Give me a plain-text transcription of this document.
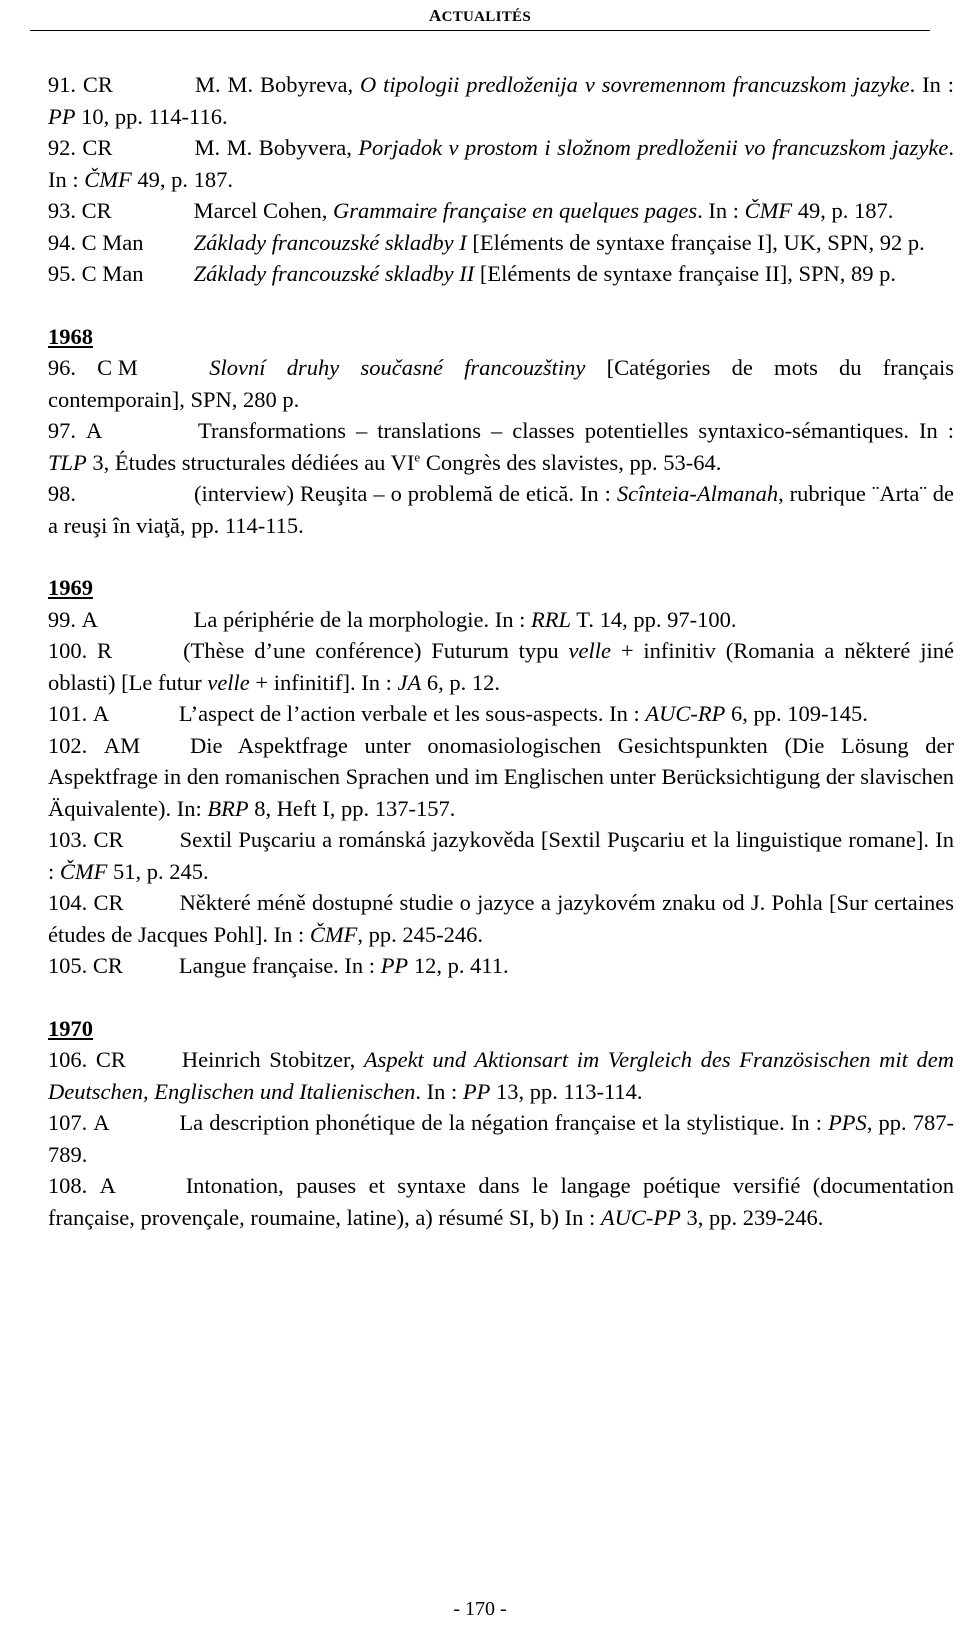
ACTUALITÉS
91. CR	M. M. Bobyreva, O tipologii predloženija v sovremennom francuzskom jazyke. In : PP 10, pp. 114-116.
92. CR	M. M. Bobyvera, Porjadok v prostom i složnom predloženii vo francuzskom jazyke. In : ČMF 49, p. 187.
93. CR	Marcel Cohen, Grammaire française en quelques pages. In : ČMF 49, p. 187.
94. C Man Základy francouzské skladby I [Eléments de syntaxe française I], UK, SPN, 92 p.
95. C Man Základy francouzské skladby II [Eléments de syntaxe française II], SPN, 89 p.
1968
96. C M	Slovní druhy současné francouzštiny [Catégories de mots du français contemporain], SPN, 280 p.
97. A	Transformations – translations – classes potentielles syntaxico-sémantiques. In : TLP 3, Études structurales dédiées au VIe Congrès des slavistes, pp. 53-64.
98.	(interview) Reuşita – o problemă de etică. In : Scînteia-Almanah, rubrique ¨Arta¨ de a reuşi în viaţă, pp. 114-115.
1969
99. A	La périphérie de la morphologie. In : RRL T. 14, pp. 97-100.
100. R	(Thèse d’une conférence) Futurum typu velle + infinitiv (Romania a některé jiné oblasti) [Le futur velle + infinitif]. In : JA 6, p. 12.
101. A	L’aspect de l’action verbale et les sous-aspects. In : AUC-RP 6, pp. 109-145.
102. AM Die Aspektfrage unter onomasiologischen Gesichtspunkten (Die Lösung der Aspektfrage in den romanischen Sprachen und im Englischen unter Berücksichtigung der slavischen Äquivalente). In: BRP 8, Heft I, pp. 137-157.
103. CR Sextil Puşcariu a románská jazykověda [Sextil Puşcariu et la linguistique romane]. In : ČMF 51, p. 245.
104. CR Některé méně dostupné studie o jazyce a jazykovém znaku od J. Pohla [Sur certaines études de Jacques Pohl]. In : ČMF, pp. 245-246.
105. CR Langue française. In : PP 12, p. 411.
1970
106. CR Heinrich Stobitzer, Aspekt und Aktionsart im Vergleich des Französischen mit dem Deutschen, Englischen und Italienischen. In : PP 13, pp. 113-114.
107. A	La description phonétique de la négation française et la stylistique. In : PPS, pp. 787-789.
108. A	Intonation, pauses et syntaxe dans le langage poétique versifié (documentation française, provençale, roumaine, latine), a) résumé SI, b) In : AUC-PP 3, pp. 239-246.
- 170 -
